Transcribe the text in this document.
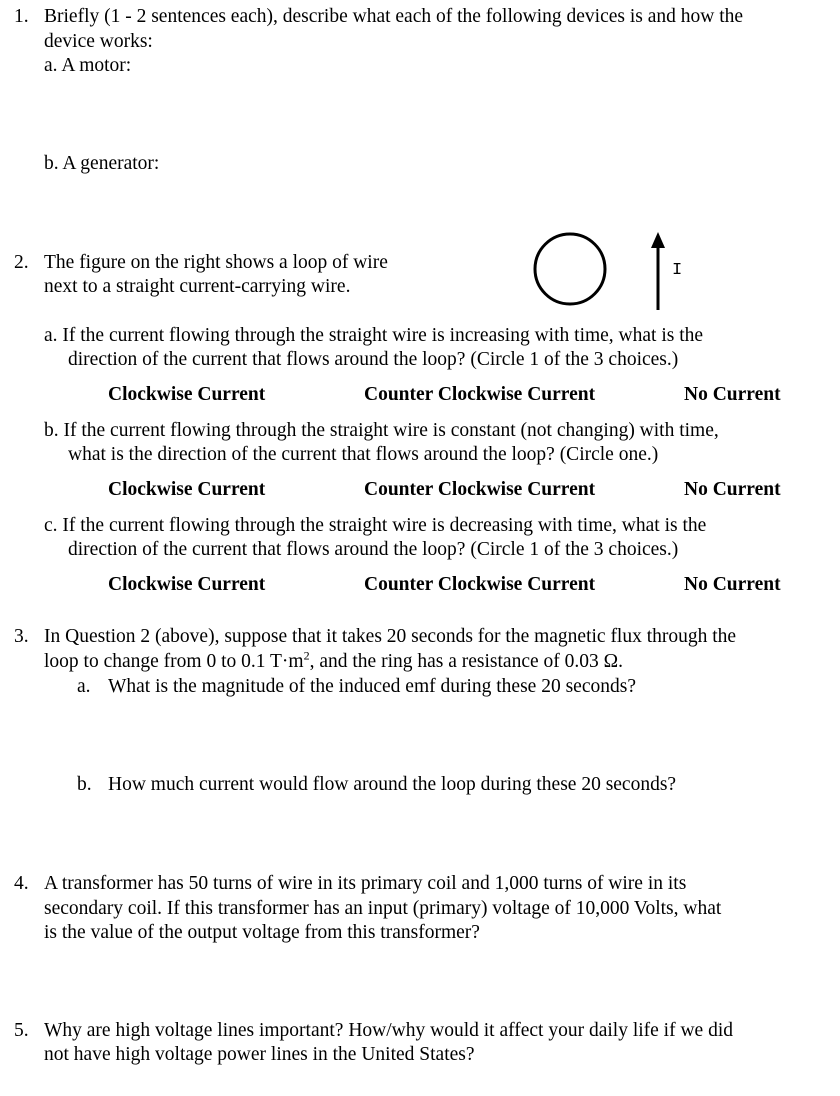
1. Briefly (1 - 2 sentences each), describe what each of the following devices is and how the
device works:
a. A motor:
b. A generator:
2. The figure on the right shows a loop of wire
next to a straight current-carrying wire.
I
a. If the current flowing through the straight wire is increasing with time, what is the
direction of the current that flows around the loop? (Circle 1 of the 3 choices.)
Clockwise Current	Counter Clockwise Current	No Current
b. If the current flowing through the straight wire is constant (not changing) with time,
what is the direction of the current that flows around the loop? (Circle one.)
Clockwise Current	Counter Clockwise Current	No Current
c. If the current flowing through the straight wire is decreasing with time, what is the
direction of the current that flows around the loop? (Circle 1 of the 3 choices.)
Clockwise Current	Counter Clockwise Current	No Current
3. In Question 2 (above), suppose that it takes 20 seconds for the magnetic flux through the
loop to change from 0 to 0.1 $T\cdot m^2$, and the ring has a resistance of 0.03 Ω.
a. What is the magnitude of the induced emf during these 20 seconds?
b. How much current would flow around the loop during these 20 seconds?
4. A transformer has 50 turns of wire in its primary coil and 1,000 turns of wire in its
secondary coil. If this transformer has an input (primary) voltage of 10,000 Volts, what
is the value of the output voltage from this transformer?
5. Why are high voltage lines important? How/why would it affect your daily life if we did
not have high voltage power lines in the United States?
